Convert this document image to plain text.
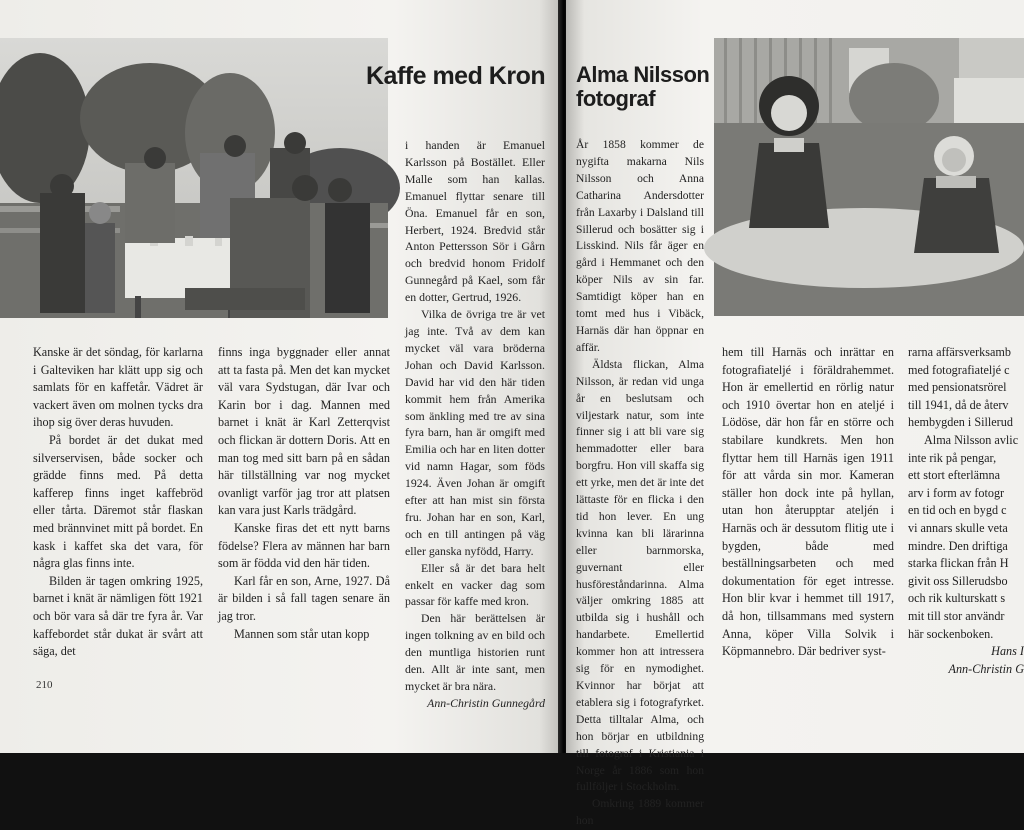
Kaffe med Kron

Kanske är det söndag, för karlarna i Galteviken har klätt upp sig och samlats för en kaffetår. Vädret är vackert även om molnen tycks dra ihop sig över deras huvuden.

På bordet är det dukat med silverservisen, både socker och grädde finns med. På detta kafferep finns inget kaffebröd eller tårta. Däremot står flaskan med brännvinet mitt på bordet. En kask i kaffet ska det vara, för några glas finns inte.

Bilden är tagen omkring 1925, barnet i knät är nämligen fött 1921 och bör vara så där tre fyra år. Var kaffebordet står dukat är svårt att säga, det

finns inga byggnader eller annat att ta fasta på. Men det kan mycket väl vara Sydstugan, där Ivar och Karin bor i dag. Mannen med barnet i knät är Karl Zetterqvist och flickan är dottern Doris. Att en man tog med sitt barn på en sådan här tillställning var nog mycket ovanligt varför jag tror att platsen kan vara just Karls trädgård.

Kanske firas det ett nytt barns födelse? Flera av männen har barn som är födda vid den här tiden.

Karl får en son, Arne, 1927. Då är bilden i så fall tagen senare än jag tror.

Mannen som står utan kopp

i handen är Emanuel Karlsson på Bostället. Eller Malle som han kallas. Emanuel flyttar senare till Öna. Emanuel får en son, Herbert, 1924. Bredvid står Anton Pettersson Sör i Gårn och bredvid honom Fridolf Gunnegård på Kael, som får en dotter, Gertrud, 1926.

Vilka de övriga tre är vet jag inte. Två av dem kan mycket väl vara bröderna Johan och David Karlsson. David har vid den här tiden kommit hem från Amerika som änkling med tre av sina fyra barn, han är omgift med Emilia och har en liten dotter vid namn Hagar, som föds 1924. Även Johan är omgift efter att han mist sin första fru. Johan har en son, Karl, och en till antingen på väg eller ganska nyfödd, Harry.

Eller så är det bara helt enkelt en vacker dag som passar för kaffe med kron.

Den här berättelsen är ingen tolkning av en bild och den muntliga historien runt den. Allt är inte sant, men mycket är bra nära.

Ann-Christin Gunnegård

210
Alma Nilsson
fotograf

År 1858 kommer de nygifta makarna Nils Nilsson och Anna Catharina Andersdotter från Laxarby i Dalsland till Sillerud och bosätter sig i Lisskind. Nils får äger en gård i Hemmanet och den köper Nils av sin far. Samtidigt köper han en tomt med hus i Vibäck, Harnäs där han öppnar en affär.

Äldsta flickan, Alma Nilsson, är redan vid unga år en beslutsam och viljestark natur, som inte finner sig i att bli vare sig hemmadotter eller bara borgfru. Hon vill skaffa sig ett yrke, men det är inte det lättaste för en flicka i den tid hon lever. En ung kvinna kan bli lärarinna eller barnmorska, guvernant eller husföreståndarinna. Alma väljer omkring 1885 att utbilda sig i hushåll och handarbete. Emellertid kommer hon att intressera sig för en nymodighet. Kvinnor har börjat att etablera sig i fotografyrket. Detta tilltalar Alma, och hon börjar en utbildning till fotograf i Kristiania i Norge år 1886 som hon fullföljer i Stockholm.

Omkring 1889 kommer hon

hem till Harnäs och inrättar en fotografiateljé i föräldrahemmet. Hon är emellertid en rörlig natur och 1910 övertar hon en ateljé i Lödöse, där hon får en större och stabilare kundkrets. Men hon flyttar hem till Harnäs igen 1911 för att vårda sin mor. Kameran ställer hon dock inte på hyllan, utan hon återupptar ateljén i Harnäs och är dessutom flitig ute i bygden, både med beställningsarbeten och med dokumentation för eget intresse. Hon blir kvar i hemmet till 1917, då hon, tillsammans med systern Anna, köper Villa Solvik i Köpmannebro. Där bedriver syst-

rarna affärsverksamb

med fotografiateljé c

med pensionatsrörel

till 1941, då de återv

hembygden i Sillerud

Alma Nilsson avlic

inte rik på pengar,

ett stort efterlämna

arv i form av fotogr

en tid och en bygd c

vi annars skulle veta

mindre. Den driftiga

starka flickan från H

givit oss Sillerudsbo

och rik kulturskatt s

mit till stor användr

här sockenboken.

Hans I

Ann-Christin G
